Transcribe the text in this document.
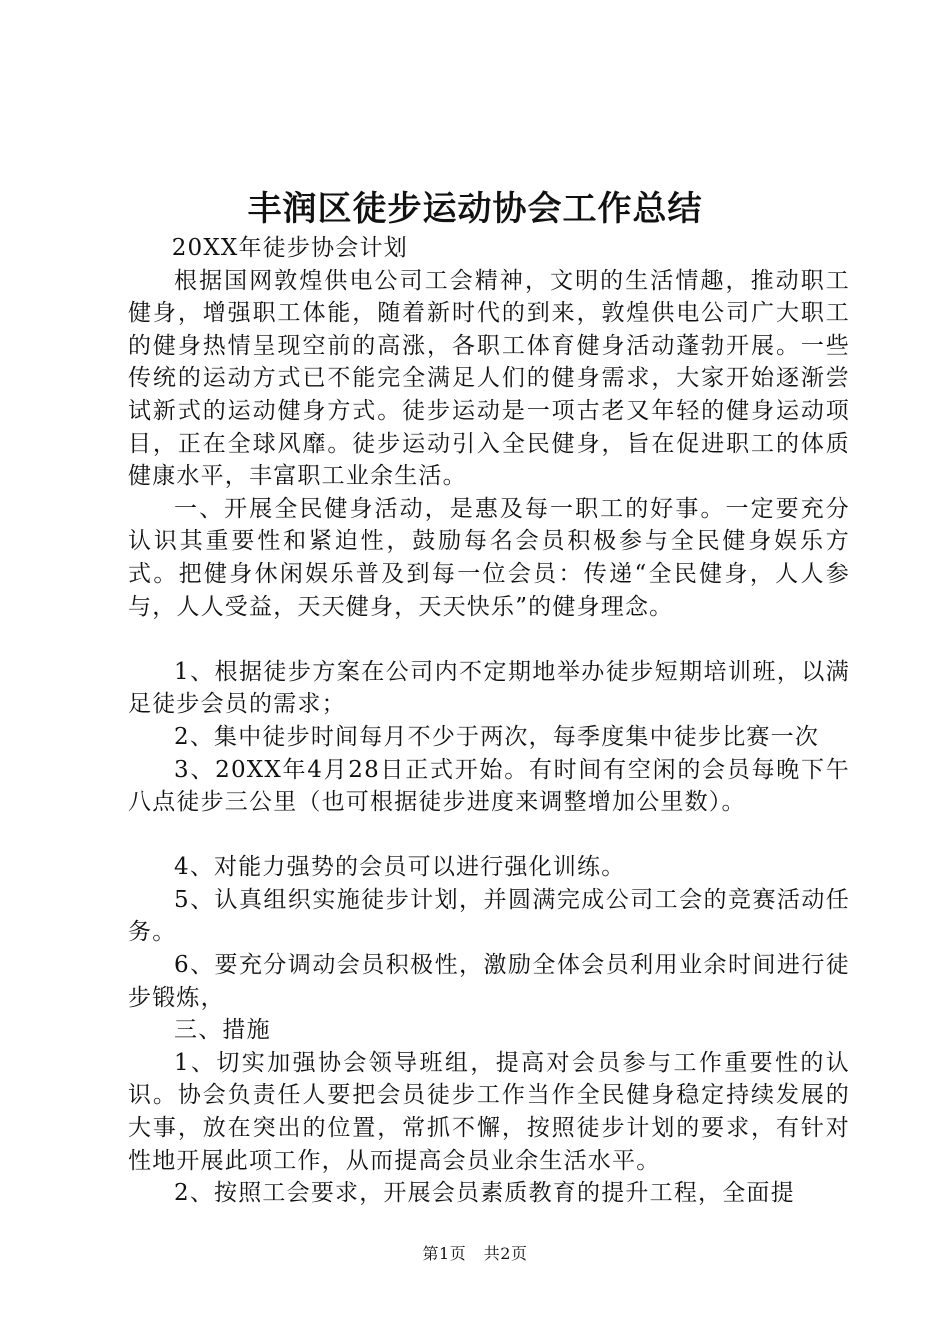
丰润区徒步运动协会工作总结

20XX年徒步协会计划

根据国网敦煌供电公司工会精神，文明的生活情趣，推动职工健身，增强职工体能，随着新时代的到来，敦煌供电公司广大职工的健身热情呈现空前的高涨，各职工体育健身活动蓬勃开展。一些传统的运动方式已不能完全满足人们的健身需求，大家开始逐渐尝试新式的运动健身方式。徒步运动是一项古老又年轻的健身运动项目，正在全球风靡。徒步运动引入全民健身，旨在促进职工的体质健康水平，丰富职工业余生活。

一、开展全民健身活动，是惠及每一职工的好事。一定要充分认识其重要性和紧迫性，鼓励每名会员积极参与全民健身娱乐方式。把健身休闲娱乐普及到每一位会员：传递“全民健身，人人参与，人人受益，天天健身，天天快乐”的健身理念。

1、根据徒步方案在公司内不定期地举办徒步短期培训班，以满足徒步会员的需求；

2、集中徒步时间每月不少于两次，每季度集中徒步比赛一次

3、20XX年4月28日正式开始。有时间有空闲的会员每晚下午八点徒步三公里（也可根据徒步进度来调整增加公里数）。

4、对能力强势的会员可以进行强化训练。

5、认真组织实施徒步计划，并圆满完成公司工会的竞赛活动任务。

6、要充分调动会员积极性，激励全体会员利用业余时间进行徒步锻炼，

三、措施

1、切实加强协会领导班组，提高对会员参与工作重要性的认识。协会负责任人要把会员徒步工作当作全民健身稳定持续发展的大事，放在突出的位置，常抓不懈，按照徒步计划的要求，有针对性地开展此项工作，从而提高会员业余生活水平。

2、按照工会要求，开展会员素质教育的提升工程，全面提

第1页 共2页
